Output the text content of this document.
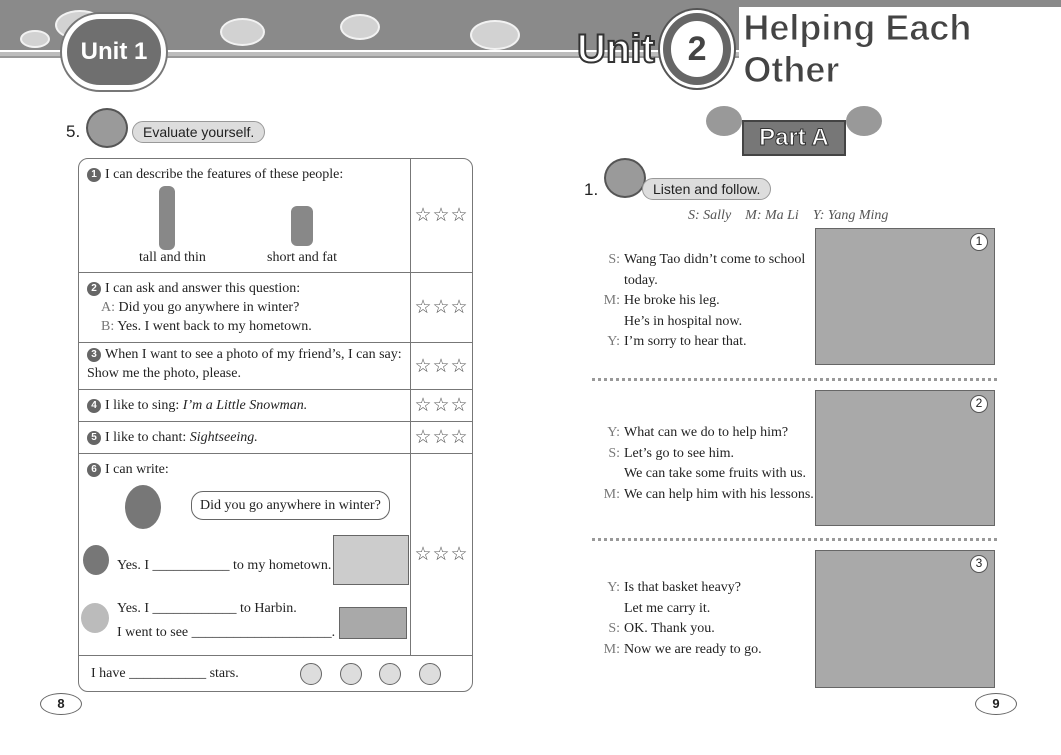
Unit 1	Unit 2
Helping Each Other
5.	Evaluate yourself.
1 I can describe the features of these people:
tall and thin short and fat	☆☆☆
2 I can ask and answer this question:
A: Did you go anywhere in winter?
B: Yes. I went back to my hometown.	☆☆☆
3 When I want to see a photo of my friend’s, I can say:
Show me the photo, please.	☆☆☆
4 I like to sing: I’m a Little Snowman.	☆☆☆
5 I like to chant: Sightseeing.	☆☆☆
6 I can write:
Did you go anywhere in winter?
Yes. I ___________ to my hometown.
Yes. I ____________ to Harbin.
I went to see ____________________.	☆☆☆
I have ___________ stars.	
8
Part A
1.	Listen and follow.
S: Sally    M: Ma Li    Y: Yang Ming
S: Wang Tao didn’t come to school
today.
M: He broke his leg.
He’s in hospital now.
Y: I’m sorry to hear that.
1
Y: What can we do to help him?
S: Let’s go to see him.
We can take some fruits with us.
M: We can help him with his lessons.
2
Y: Is that basket heavy?
Let me carry it.
S: OK. Thank you.
M: Now we are ready to go.
3
9
